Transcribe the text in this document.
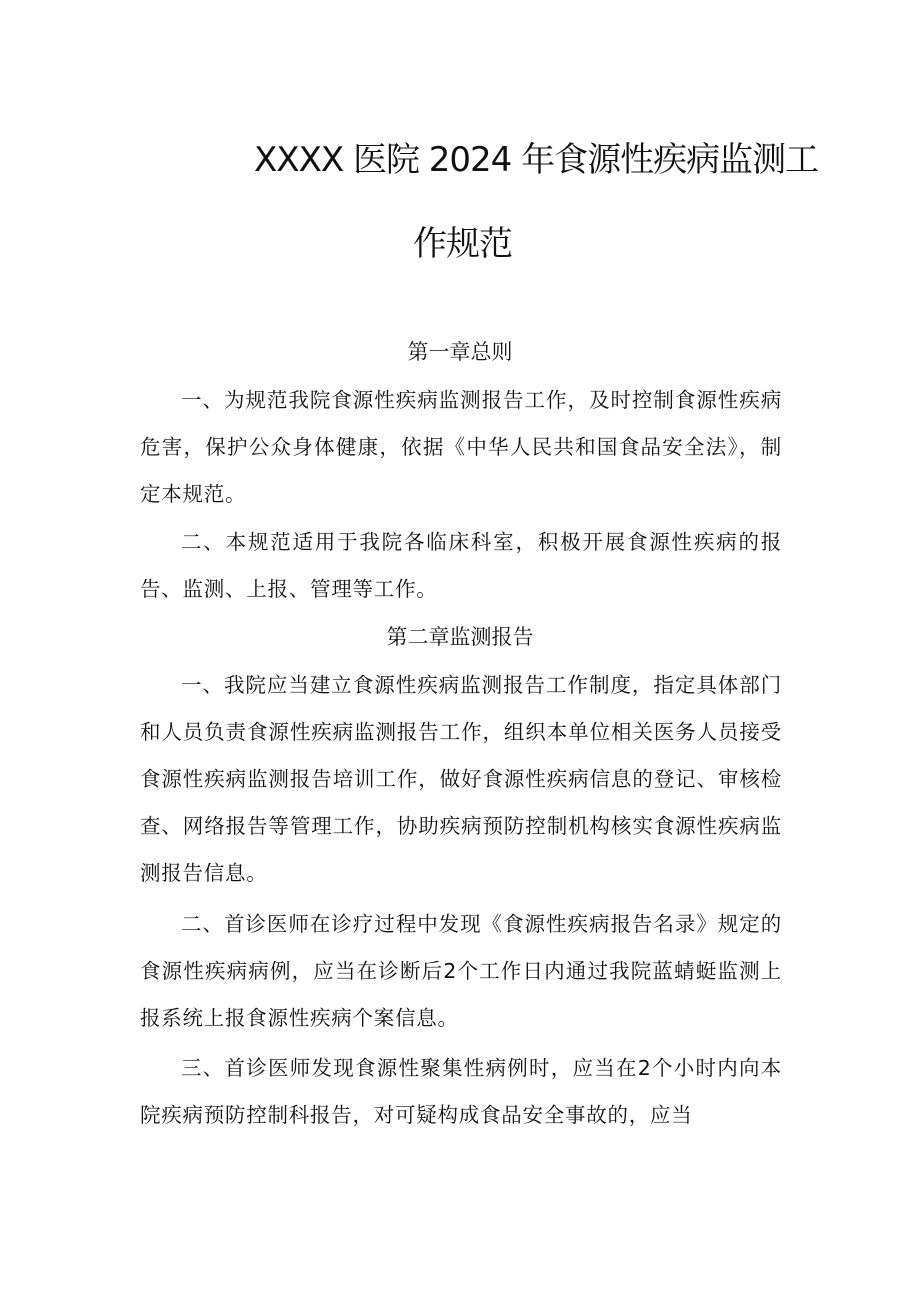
XXXX 医院 2024 年食源性疾病监测工
作规范
第一章总则

一、为规范我院食源性疾病监测报告工作，及时控制食源性疾病危害，保护公众身体健康，依据《中华人民共和国食品安全法》，制定本规范。

二、本规范适用于我院各临床科室，积极开展食源性疾病的报告、监测、上报、管理等工作。

第二章监测报告

一、我院应当建立食源性疾病监测报告工作制度，指定具体部门和人员负责食源性疾病监测报告工作，组织本单位相关医务人员接受食源性疾病监测报告培训工作，做好食源性疾病信息的登记、审核检查、网络报告等管理工作，协助疾病预防控制机构核实食源性疾病监测报告信息。

二、首诊医师在诊疗过程中发现《食源性疾病报告名录》规定的食源性疾病病例，应当在诊断后2个工作日内通过我院蓝蜻蜓监测上报系统上报食源性疾病个案信息。

三、首诊医师发现食源性聚集性病例时，应当在2个小时内向本院疾病预防控制科报告，对可疑构成食品安全事故的，应当
